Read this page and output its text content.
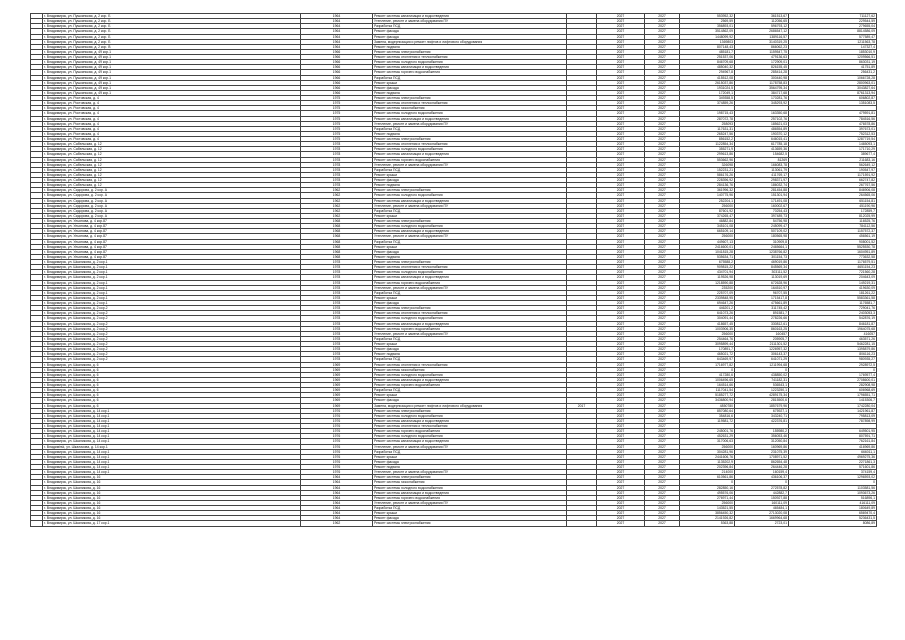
	г. Владимирск, ул. Пушкинская, д. 2 кор. Б	1964	Ремонт системы канализации и водоотведения		2027	2027	553952,32	361513,67	711127,62
	г. Владимирск, ул. Пушкинская, д. 2 кор. Б	1964	Утепление, ремонт и замена оборудования ПУ		2027	2027	2569,59	112056,65	229544,59
	г. Владимирск, ул. Пушкинская, д. 2 кор. Б	1964	Разработка ПСД		2027	2027	356893,01	596793,12	279655,04
	г. Владимирск, ул. Пушкинская, д. 2 кор. Б	1964	Ремонт фасада		2027	2027	3514862,09	2686547,12	8814586,09
	г. Владимирск, ул. Пушкинская, д. 2 кор. Б	1964	Ремонт фасада		2027	2027	1448099,92	1389116,57	577589,47
	г. Владимирск, ул. Пушкинская, д. 2 кор. Б	1964	Замена, модернизация и ремонт лифтов и лифтового оборудования		2027	2027	1369803	3140319,25	1211563,78
	г. Владимирск, ул. Пушкинская, д. 2 кор. В	1964	Ремонт подвала		2027	2027	807148,43	866062,23	147327,4
	г. Владимирск, ул. Пушкинская, д. 49 кор.1	1966	Ремонт системы электроснабжения		2027	2027	485181,7	1159547,75	1853010,9
	г. Владимирск, ул. Пушкинская, д. 49 кор.1	1966	Ремонт системы отопления и теплоснабжения		2027	2027	251537,06	479136,63	1209566,51
	г. Владимирск, ул. Пушкинская, д. 49 кор.1	1966	Ремонт системы холодного водоснабжения		2027	2027	846709,68	172909,01	863031,19
	г. Владимирск, ул. Пушкинская, д. 49 кор.1	1966	Ремонт системы канализации и водоотведения		2027	2027	485040,32	826155,45	41751,89
	г. Владимирск, ул. Пушкинская, д. 49 кор.1	1966	Ремонт системы горячего водоснабжения		2027	2027	294967,8	285414,28	256431,2
	г. Владимирск, ул. Пушкинская, д. 49 кор.1	1966	Разработка ПСД		2027	2027	415512,08	300440,98	1066728,28
	г. Владимирск, ул. Пушкинская, д. 49 кор.1	1966	Ремонт крыши		2027	2027	2615037,86	1178758,83	2800963,01
	г. Владимирск, ул. Пушкинская, д. 49 кор.1	1966	Ремонт фасада		2027	2027	1931024,5	3564795,34	3043827,64
	г. Владимирск, ул. Пушкинская, д. 49 кор.1	1966	Ремонт подвала		2027	2027	172049,1	384717,68	8761313,94
	г. Владимирск, ул. Ростовская, д. 4	1975	Ремонт системы электроснабжения		2027	2027	349358,5	170281,76	606802,87
	г. Владимирск, ул. Ростовская, д. 4	1975	Ремонт системы отопления и теплоснабжения		2027	2027	374859,26	345293,92	1351083,5
	г. Владимирск, ул. Ростовская, д. 4	1975	Ремонт системы газоснабжения		2027	2027			
	г. Владимирск, ул. Ростовская, д. 4	1975	Ремонт системы холодного водоснабжения		2027	2027	198715,43	163350,68	479591,81
	г. Владимирск, ул. Ростовская, д. 4	1975	Ремонт системы канализации и водоотведения		2027	2027	287072,78	257102,76	784516,56
	г. Владимирск, ул. Ростовская, д. 4	1975	Утепление, ремонт и замена оборудования ПУ		2027	2027	258093	185621,03	476578,86
	г. Владимирск, ул. Ростовская, д. 4	1975	Разработка ПСД		2027	2027	117631,31	486554,89	397673,01
	г. Владимирск, ул. Ростовская, д. 4	1975	Ремонт подвала		2027	2027	265247,56	190370,12	752312,53
	г. Владимирск, ул. Ростовская, д. 4	1975	Ремонт системы электроснабжения		2027	2027	856152,2	646015,41	1287719,54
	г. Владимирск, ул. Сабельская, д. 12	1978	Ремонт системы отопления и теплоснабжения		2027	2027	1122854,34	617785,18	1465093,1
	г. Владимирск, ул. Сабельская, д. 12	1978	Ремонт системы холодного водоснабжения		2027	2027	355271,9	413659,36	171710,29
	г. Владимирск, ул. Сабельская, д. 12	1978	Ремонт системы канализации и водоотведения		2027	2027	299613,86	154682,5	389677,4
	г. Владимирск, ул. Сабельская, д. 12	1978	Ремонт системы горячего водоснабжения		2027	2027	553662,96	81269	211683,16
	г. Владимирск, ул. Сабельская, д. 12	1978	Утепление, ремонт и замена оборудования ПУ		2027	2027	326098	166083,78	562649,12
	г. Владимирск, ул. Сабельская, д. 12	1978	Разработка ПСД		2027	2027	152231,21	113061,79	190547,97
	г. Владимирск, ул. Сабельская, д. 12	1978	Ремонт крыши		2027	2027	586176,26	411769,17	1171591,92
	г. Владимирск, ул. Сабельская, д. 12	1978	Ремонт фасада		2027	2027	228396,92	298371,97	662747,82
	г. Владимирск, ул. Сабельская, д. 12	1978	Ремонт подвала		2027	2027	284136,76	186032,74	267767,56
	г. Владимирск, ул. Сидорова, д. 2 кор. А	1962	Ремонт системы электроснабжения		2027	2027	361996,32	281454,88	846906,08
	г. Владимирск, ул. Сидорова, д. 2 кор. А	1962	Ремонт системы холодного водоснабжения		2027	2027	140775,96	151301,94	264565,06
	г. Владимирск, ул. Сидорова, д. 2 кор. А	1962	Ремонт системы канализации и водоотведения		2027	2027	252204,1	171491,08	651154,81
	г. Владимирск, ул. Сидорова, д. 2 кор. А	1962	Утепление, ремонт и замена оборудования ПУ		2027	2027	256000	160002,67	451190,96
	г. Владимирск, ул. Сидорова, д. 2 кор. А	1962	Разработка ПСД		2027	2027	87601,92	70254,43	172859,7
	г. Владимирск, ул. Сидорова, д. 2 кор. А	1962	Ремонт крыши		2027	2027	374265,47	397489,73	812025,99
	г. Владимирск, ул. Ульянова, д. 4 кор.87	1968	Ремонт системы электроснабжения		2027	2027	46882,84	54756,98	116525,76
	г. Владимирск, ул. Ульянова, д. 4 кор.87	1968	Ремонт системы холодного водоснабжения		2027	2027	345101,08	245099,47	784112,56
	г. Владимирск, ул. Ульянова, д. 4 кор.87	1968	Ремонт системы канализации и водоотведения		2027	2027	665109,14	507109,02	1157572,37
	г. Владимирск, ул. Ульянова, д. 4 кор.87	1968	Утепление, ремонт и замена оборудования ПУ		2027	2027	256000	180565,98	456561,19
	г. Владимирск, ул. Ульянова, д. 4 кор.87	1968	Разработка ПСД		2027	2027	449607,13	310909,8	908001,52
	г. Владимирск, ул. Ульянова, д. 4 кор.87	1968	Ремонт крыши		2027	2027	2416600,01	2465664,1	5525530,78
	г. Владимирск, ул. Ульянова, д. 4 кор.87	1968	Ремонт фасада		2027	2027	1041815,28	1238766,82	1604951,89
	г. Владимирск, ул. Ульянова, д. 4 кор.87	1968	Ремонт подвала		2027	2027	535634,71	301154,73	773632,58
	г. Владимирск, ул. Шкаликова, д. 2 кор.1	1978	Ремонт системы электроснабжения		2027	2027	675588,2	469019,86	1176579,51
	г. Владимирск, ул. Шкаликова, д. 2 кор.1	1978	Ремонт системы отопления и теплоснабжения		2027	2027	909815,22	845569,34	4651154,23
	г. Владимирск, ул. Шкаликова, д. 2 кор.1	1978	Ремонт системы холодного водоснабжения		2027	2027	434701,94	303111,52	721560,28
	г. Владимирск, ул. Шкаликова, д. 2 кор.1	1978	Ремонт системы канализации и водоотведения		2027	2027	119526,98	113019,69	204643,09
	г. Владимирск, ул. Шкаликова, д. 2 кор.1	1978	Ремонт системы горячего водоснабжения		2027	2027	1218590,88	672628,96	149219,31
	г. Владимирск, ул. Шкаликова, д. 2 кор.1	1978	Утепление, ремонт и замена оборудования ПУ		2027	2027	235200	164510,97	419630,09
	г. Владимирск, ул. Шкаликова, д. 2 кор.1	1978	Разработка ПСД		2027	2027	225707,09	96707,55	181261,22
	г. Владимирск, ул. Шкаликова, д. 2 кор.1	1978	Ремонт крыши		2027	2027	2339848,95	1715417,8	5583361,58
	г. Владимирск, ул. Шкаликова, д. 2 кор.1	1978	Ремонт фасада		2027	2027	694647,26	475661,89	1176581,7
	г. Владимирск, ул. Шкаликова, д. 2 кор.2	1978	Ремонт системы электроснабжения		2027	2027	446201,2	311745,42	729041,76
	г. Владимирск, ул. Шкаликова, д. 2 кор.2	1978	Ремонт системы отопления и теплоснабжения		2027	2027	641073,26	891581,7	2403053,3
	г. Владимирск, ул. Шкаликова, д. 2 кор.2	1978	Ремонт системы холодного водоснабжения		2027	2027	304091,44	278226,66	542876,19
	г. Владимирск, ул. Шкаликова, д. 2 кор.2	1978	Ремонт системы канализации и водоотведения		2027	2027	418657,45	330812,61	846181,87
	г. Владимирск, ул. Шкаликова, д. 2 кор.2	1978	Ремонт системы горячего водоснабжения		2027	2027	1003906,35	860163,25	1964075,68
	г. Владимирск, ул. Шкаликова, д. 2 кор.2	1978	Утепление, ремонт и замена оборудования ПУ		2027	2027	256000	160457	416057
	г. Владимирск, ул. Шкаликова, д. 2 кор.2	1978	Разработка ПСД		2027	2027	254464,76	205905,7	463571,26
	г. Владимирск, ул. Шкаликова, д. 2 кор.2	1978	Ремонт крыши		2027	2027	3095899,44	2111301,52	5462281,15
	г. Владимирск, ул. Шкаликова, д. 2 кор.2	1978	Ремонт фасада		2027	2027	170891,7	1226957,32	1395879,86
	г. Владимирск, ул. Шкаликова, д. 2 кор.2	1978	Ремонт подвала		2027	2027	465021,72	306143,37	806116,23
	г. Владимирск, ул. Шкаликова, д. 2 кор.2	1978	Разработка ПСД		2027	2027	643469,97	641071,29	980935,27
	г. Владимирск, ул. Шкаликова, д. 6	1969	Ремонт системы отопления и теплоснабжения		2027	2027	1716977,82	1211994,68	2928972,5
	г. Владимирск, ул. Шкаликова, д. 6	1969	Ремонт системы газоснабжения		2027	2027	0	0	0
	г. Владимирск, ул. Шкаликова, д. 6	1969	Ремонт системы холодного водоснабжения		2027	2027	417280,6	438850,02	1769577,4
	г. Владимирск, ул. Шкаликова, д. 6	1969	Ремонт системы канализации и водоотведения		2027	2027	1006496,65	741182,31	2708600,01
	г. Владимирск, ул. Шкаликова, д. 6	1969	Ремонт системы горячего водоснабжения		2027	2027	164514,66	536543,1	282908,98
	г. Владимирск, ул. Шкаликова, д. 6	1969	Разработка ПСД		2027	2027	1117041,54	1223250,1	606968,69
	г. Владимирск, ул. Шкаликова, д. 6	1969	Ремонт крыши		2027	2027	5185277,72	4289175,34	1796551,71
	г. Владимирск, ул. Шкаликова, д. 6	1969	Ремонт фасада		2027	2027	3436800,94	2815500,6	1415306,7
	г. Владимирск, ул. Шкаликова, д. 6	1969	Замена, модернизация и ремонт лифтов и лифтового оборудования	2017	2027	2027	4850780	1857679,96	1742280,04
	г. Владимирск, ул. Шкаликова, д. 14 кор.1	1976	Ремонт системы электроснабжения		2027	2027	857080,64	675927,1	1421961,87
	г. Владимирск, ул. Шкаликова, д. 14 кор.1	1976	Ремонт системы холодного водоснабжения		2027	2027	354816,6	343240,71	795813,09
	г. Владимирск, ул. Шкаликова, д. 14 кор.1	1976	Ремонт системы канализации и водоотведения		2027	2027	119581,72	422376,81	787898,99
	г. Владимирск, ул. Шкаликова, д. 14 кор.1	1976	Ремонт системы отопления и теплоснабжения		2027	2027			
	г. Владимирск, ул. Шкаликова, д. 14 кор.1	1976	Ремонт системы горячего водоснабжения		2027	2027	245001,76	155980,2	649501,95
	г. Владимирск, ул. Шкаликова, д. 14 кор.1	1976	Ремонт системы холодного водоснабжения		2027	2027	452631,29	356053,46	807591,71
	г. Владимирск, ул. Шкаликова, д. 14 кор.1	1976	Ремонт системы канализации и водоотведения		2027	2027	317006,63	312050,84	762161,84
	г. Владимirsk, ул. Шкаликова, д. 14 кор.1	1976	Утепление, ремонт и замена оборудования ПУ		2027	2027	256000	160969,86	416969,86
	г. Владимирск, ул. Шкаликова, д. 14 кор.1	1976	Разработка ПСД		2027	2027	304281,96	231075,39	666011,1
	г. Владимирск, ул. Шкаликова, д. 14 кор.1	1976	Ремонт крыши		2027	2027	2441606,76	1708971,52	4969275,36
	г. Владимирск, ул. Шкаликова, д. 14 кор.1	1976	Ремонт фасада		2027	2027	1135202,9	862654,48	2271861,3
	г. Владимирск, ул. Шкаликова, д. 14 кор.1	1976	Ремонт подвала		2027	2027	202396,84	264446,28	571601,86
	г. Владимирск, ул. Шкаликова, д. 14 кор.1	1976	Утепление, ремонт и замена оборудования ПУ		2027	2027	214000	160159,4	374159,4
	г. Владимирск, ул. Шкаликова, д. 16	1964	Ремонт системы электроснабжения		2027	2027	610561,86	436106,37	1296593,02
	г. Владимирск, ул. Шкаликова, д. 16	1964	Ремонт системы газоснабжения		2027	2027	0	0	0
	г. Владимирск, ул. Шкаликова, д. 16	1964	Ремонт системы холодного водоснабжения		2027	2027	282850,16	272578,82	1103581,56
	г. Владимирск, ул. Шкаликова, д. 16	1964	Ремонт системы канализации и водоотведения		2027	2027	495576,06	442882,7	1093673,26
	г. Владимирск, ул. Шкаликова, д. 16	1964	Ремонт системы горячего водоснабжения		2027	2027	276971,44	150927,88	516896,1
	г. Владимирск, ул. Шкаликова, д. 16	1964	Утепление, ремонт и замена оборудования ПУ		2027	2027	256000	160111,09	416111,09
	г. Владимирск, ул. Шкаликова, д. 16	1964	Разработка ПСД		2027	2027	143521,55	465484,1	180649,89
	г. Владимирск, ул. Шкаликова, д. 16	1964	Ремонт крыши		2027	2027	3856450,32	2713020,08	6569470,4
	г. Владимирск, ул. Шкаликова, д. 16	1964	Ремонт фасада		2027	2027	2141926,82	1669964,68	5236431,5
	г. Владимирск, ул. Шкаликова, д. 17 кор.1	1962	Ремонт системы электроснабжения		2027	2027	5363,88	2723,01	8086,89
